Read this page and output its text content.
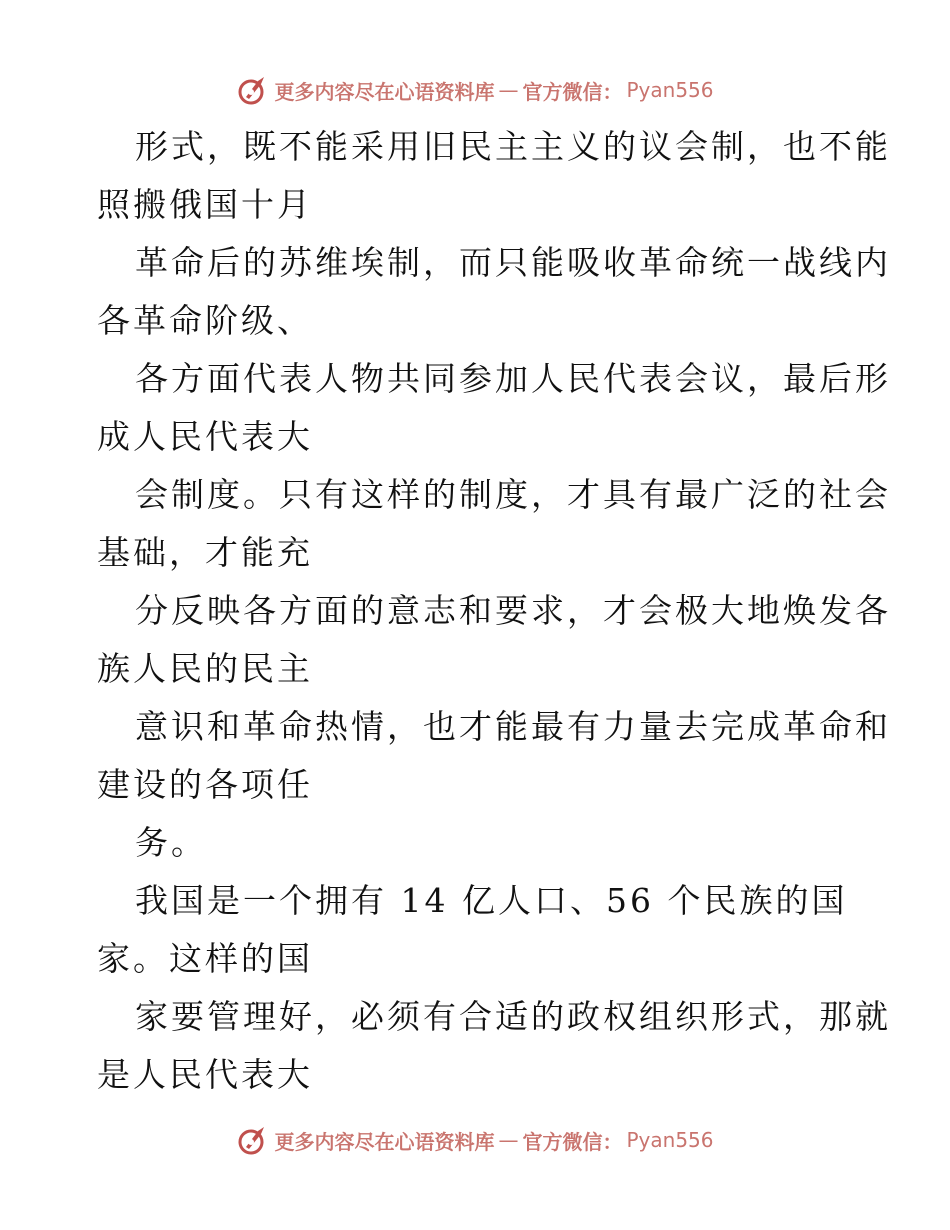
更多内容尽在心语资料库 — 官方微信： Pyan556
形式，既不能采用旧民主主义的议会制，也不能
照搬俄国十月
革命后的苏维埃制，而只能吸收革命统一战线内
各革命阶级、
各方面代表人物共同参加人民代表会议，最后形
成人民代表大
会制度。只有这样的制度，才具有最广泛的社会
基础，才能充
分反映各方面的意志和要求，才会极大地焕发各
族人民的民主
意识和革命热情，也才能最有力量去完成革命和
建设的各项任
务。
我国是一个拥有 14 亿人口、56 个民族的国
家。这样的国
家要管理好，必须有合适的政权组织形式，那就
是人民代表大
更多内容尽在心语资料库 — 官方微信： Pyan556
